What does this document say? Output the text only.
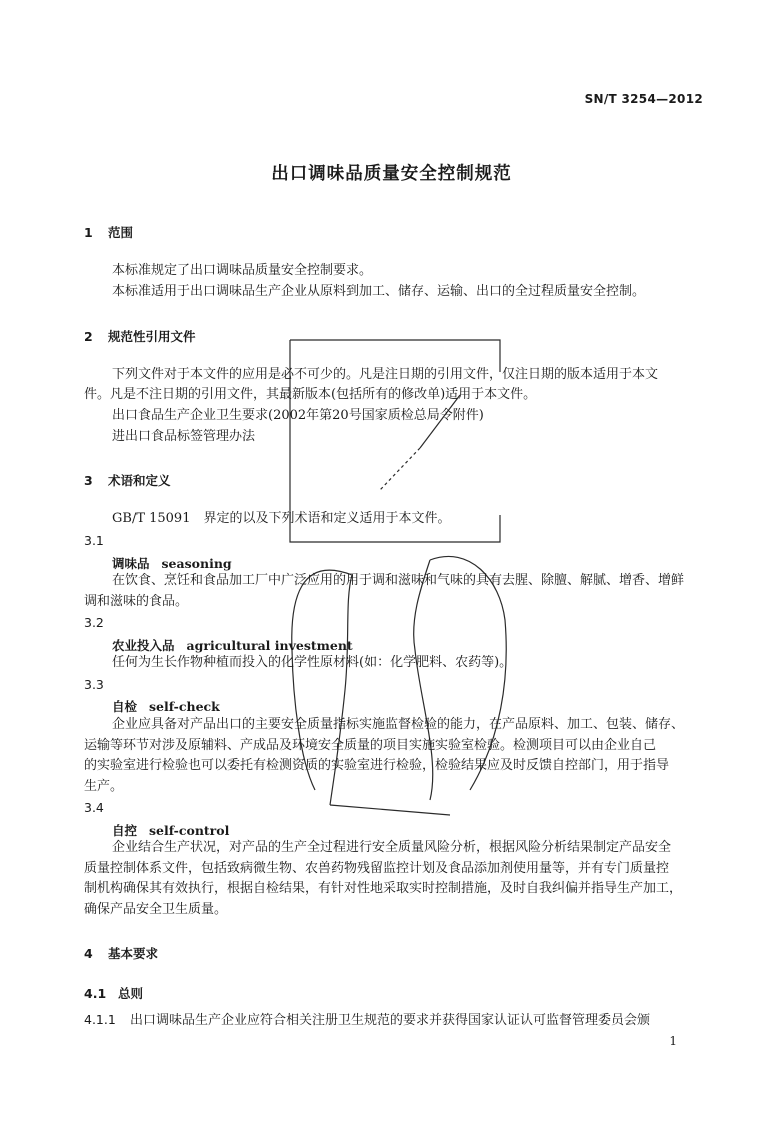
SN/T 3254—2012
出口调味品质量安全控制规范
1 范围
本标准规定了出口调味品质量安全控制要求。
本标准适用于出口调味品生产企业从原料到加工、储存、运输、出口的全过程质量安全控制。
2 规范性引用文件
下列文件对于本文件的应用是必不可少的。凡是注日期的引用文件，仅注日期的版本适用于本文
件。凡是不注日期的引用文件，其最新版本(包括所有的修改单)适用于本文件。
出口食品生产企业卫生要求(2002年第20号国家质检总局令附件)
进出口食品标签管理办法
3 术语和定义
GB/T 15091　界定的以及下列术语和定义适用于本文件。
3.1
调味品 seasoning
在饮食、烹饪和食品加工厂中广泛应用的用于调和滋味和气味的具有去腥、除膻、解腻、增香、增鲜
调和滋味的食品。
3.2
农业投入品 agricultural investment
任何为生长作物种植而投入的化学性原材料(如：化学肥料、农药等)。
3.3
自检 self-check
企业应具备对产品出口的主要安全质量指标实施监督检验的能力，在产品原料、加工、包装、储存、
运输等环节对涉及原辅料、产成品及环境安全质量的项目实施实验室检验。检测项目可以由企业自己
的实验室进行检验也可以委托有检测资质的实验室进行检验，检验结果应及时反馈自控部门，用于指导
生产。
3.4
自控 self-control
企业结合生产状况，对产品的生产全过程进行安全质量风险分析，根据风险分析结果制定产品安全
质量控制体系文件，包括致病微生物、农兽药物残留监控计划及食品添加剂使用量等，并有专门质量控
制机构确保其有效执行，根据自检结果，有针对性地采取实时控制措施，及时自我纠偏并指导生产加工，
确保产品安全卫生质量。
4 基本要求
4.1 总则
4.1.1 出口调味品生产企业应符合相关注册卫生规范的要求并获得国家认证认可监督管理委员会颁
1
